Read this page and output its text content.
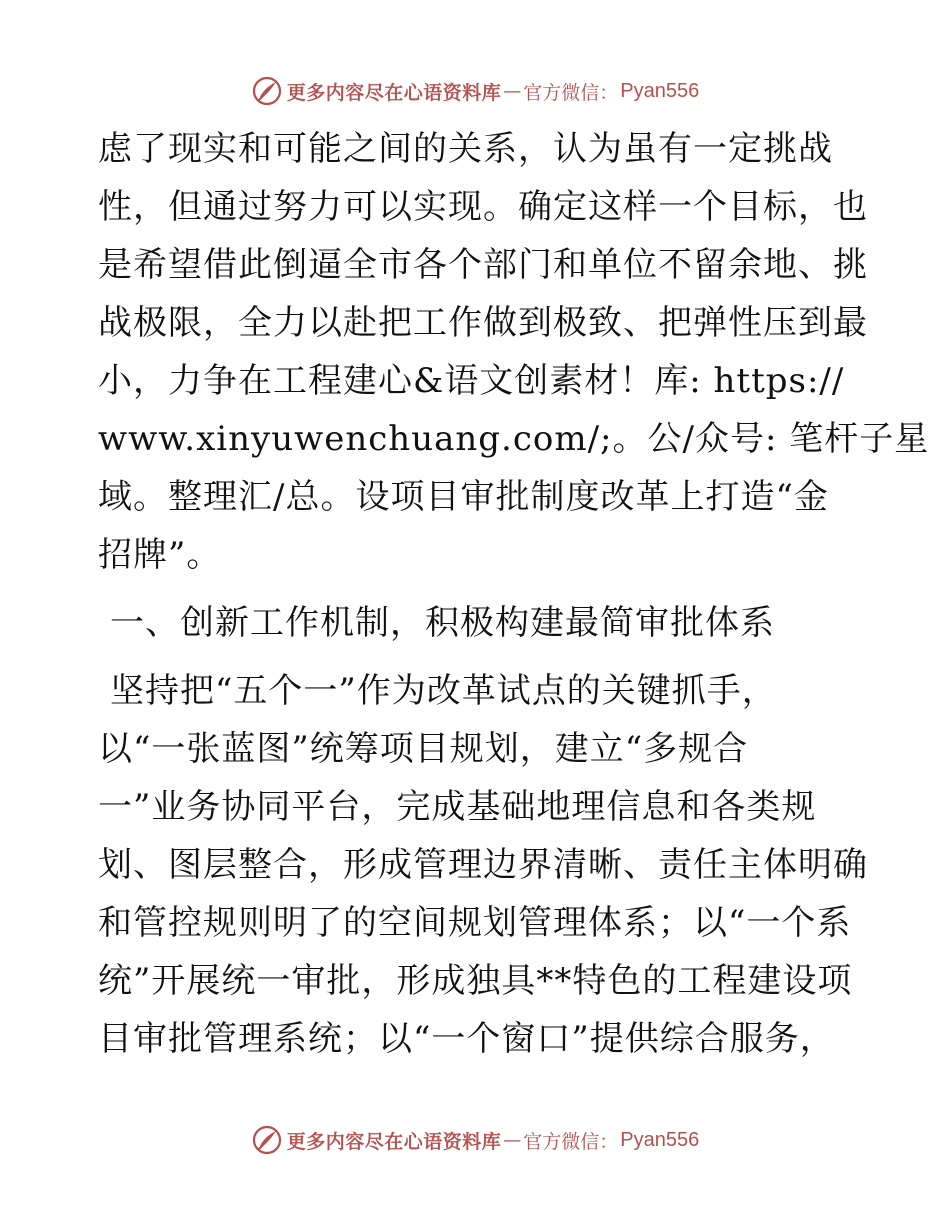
更多内容尽在心语资料库 — 官方微信： Pyan556
虑了现实和可能之间的关系，认为虽有一定挑战
性，但通过努力可以实现。确定这样一个目标，也
是希望借此倒逼全市各个部门和单位不留余地、挑
战极限，全力以赴把工作做到极致、把弹性压到最
小，力争在工程建心&语文创素材！库: https://
www.xinyuwenchuang.com/;。公/众号: 笔杆子星
域。整理汇/总。设项目审批制度改革上打造“金
招牌”。
一、创新工作机制，积极构建最简审批体系
坚持把“五个一”作为改革试点的关键抓手，
以“一张蓝图”统筹项目规划，建立“多规合
一”业务协同平台，完成基础地理信息和各类规
划、图层整合，形成管理边界清晰、责任主体明确
和管控规则明了的空间规划管理体系；以“一个系
统”开展统一审批，形成独具**特色的工程建设项
目审批管理系统；以“一个窗口”提供综合服务，
更多内容尽在心语资料库 — 官方微信： Pyan556
